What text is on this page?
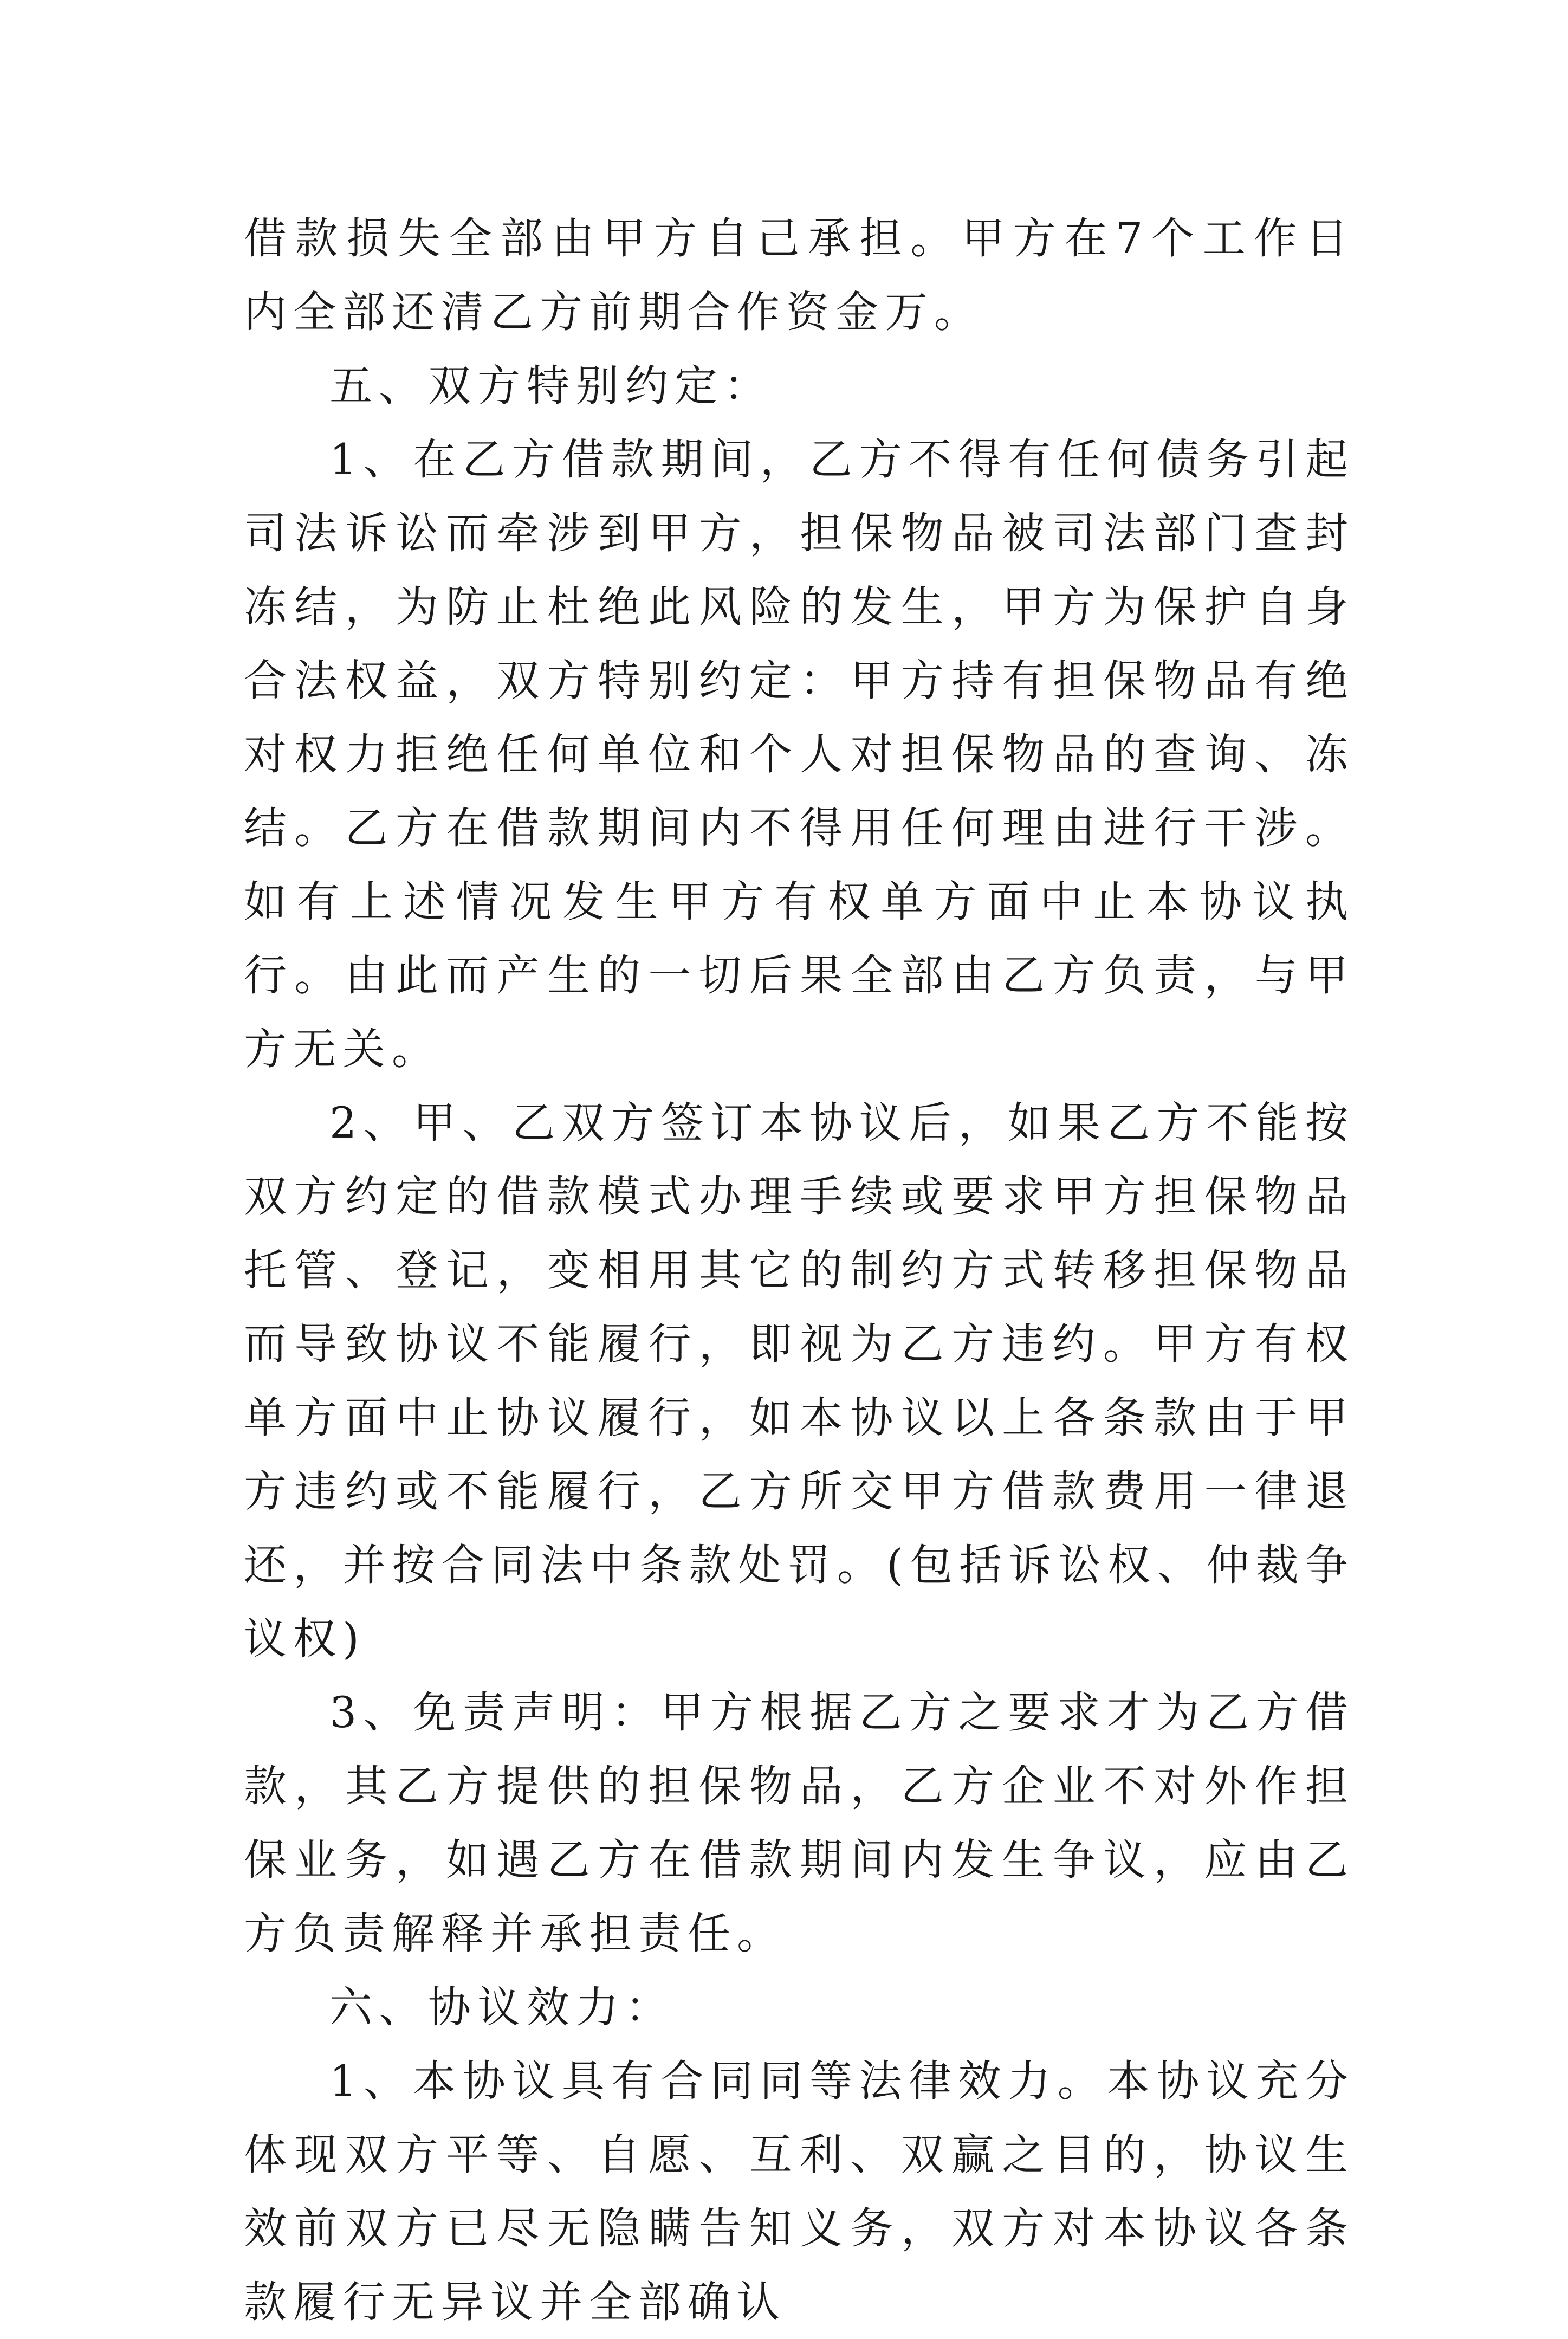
借款损失全部由甲方自己承担。甲方在7个工作日内全部还清乙方前期合作资金万。

五、双方特别约定：

1、在乙方借款期间，乙方不得有任何债务引起司法诉讼而牵涉到甲方，担保物品被司法部门查封冻结，为防止杜绝此风险的发生，甲方为保护自身合法权益，双方特别约定：甲方持有担保物品有绝对权力拒绝任何单位和个人对担保物品的查询、冻结。乙方在借款期间内不得用任何理由进行干涉。如有上述情况发生甲方有权单方面中止本协议执行。由此而产生的一切后果全部由乙方负责，与甲方无关。

2、甲、乙双方签订本协议后，如果乙方不能按双方约定的借款模式办理手续或要求甲方担保物品托管、登记，变相用其它的制约方式转移担保物品而导致协议不能履行，即视为乙方违约。甲方有权单方面中止协议履行，如本协议以上各条款由于甲方违约或不能履行，乙方所交甲方借款费用一律退还，并按合同法中条款处罚。(包括诉讼权、仲裁争议权)

3、免责声明：甲方根据乙方之要求才为乙方借款，其乙方提供的担保物品，乙方企业不对外作担保业务，如遇乙方在借款期间内发生争议，应由乙方负责解释并承担责任。

六、协议效力：

1、本协议具有合同同等法律效力。本协议充分体现双方平等、自愿、互利、双赢之目的，协议生效前双方已尽无隐瞒告知义务，双方对本协议各条款履行无异议并全部确认
